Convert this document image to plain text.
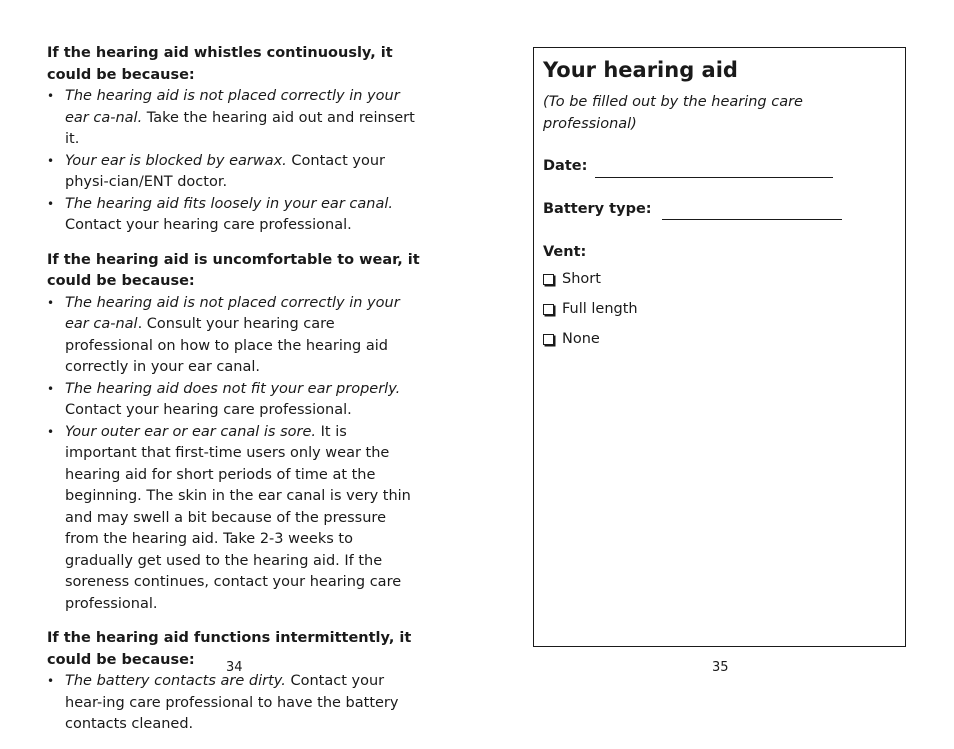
If the hearing aid whistles continuously, it could be because:
• The hearing aid is not placed correctly in your ear ca-nal. Take the hearing aid out and reinsert it.
• Your ear is blocked by earwax. Contact your physi-cian/ENT doctor.
• The hearing aid fits loosely in your ear canal. Contact your hearing care professional.
If the hearing aid is uncomfortable to wear, it could be because:
• The hearing aid is not placed correctly in your ear ca-nal. Consult your hearing care professional on how to place the hearing aid correctly in your ear canal.
• The hearing aid does not fit your ear properly. Contact your hearing care professional.
• Your outer ear or ear canal is sore. It is important that first-time users only wear the hearing aid for short periods of time at the beginning. The skin in the ear canal is very thin and may swell a bit because of the pressure from the hearing aid. Take 2-3 weeks to gradually get used to the hearing aid. If the soreness continues, contact your hearing care professional.
If the hearing aid functions intermittently, it could be because:
• The battery contacts are dirty. Contact your hear-ing care professional to have the battery contacts cleaned.
34
Your hearing aid
(To be filled out by the hearing care professional)
Date:
Battery type:
Vent:
Short
Full length
None
35
